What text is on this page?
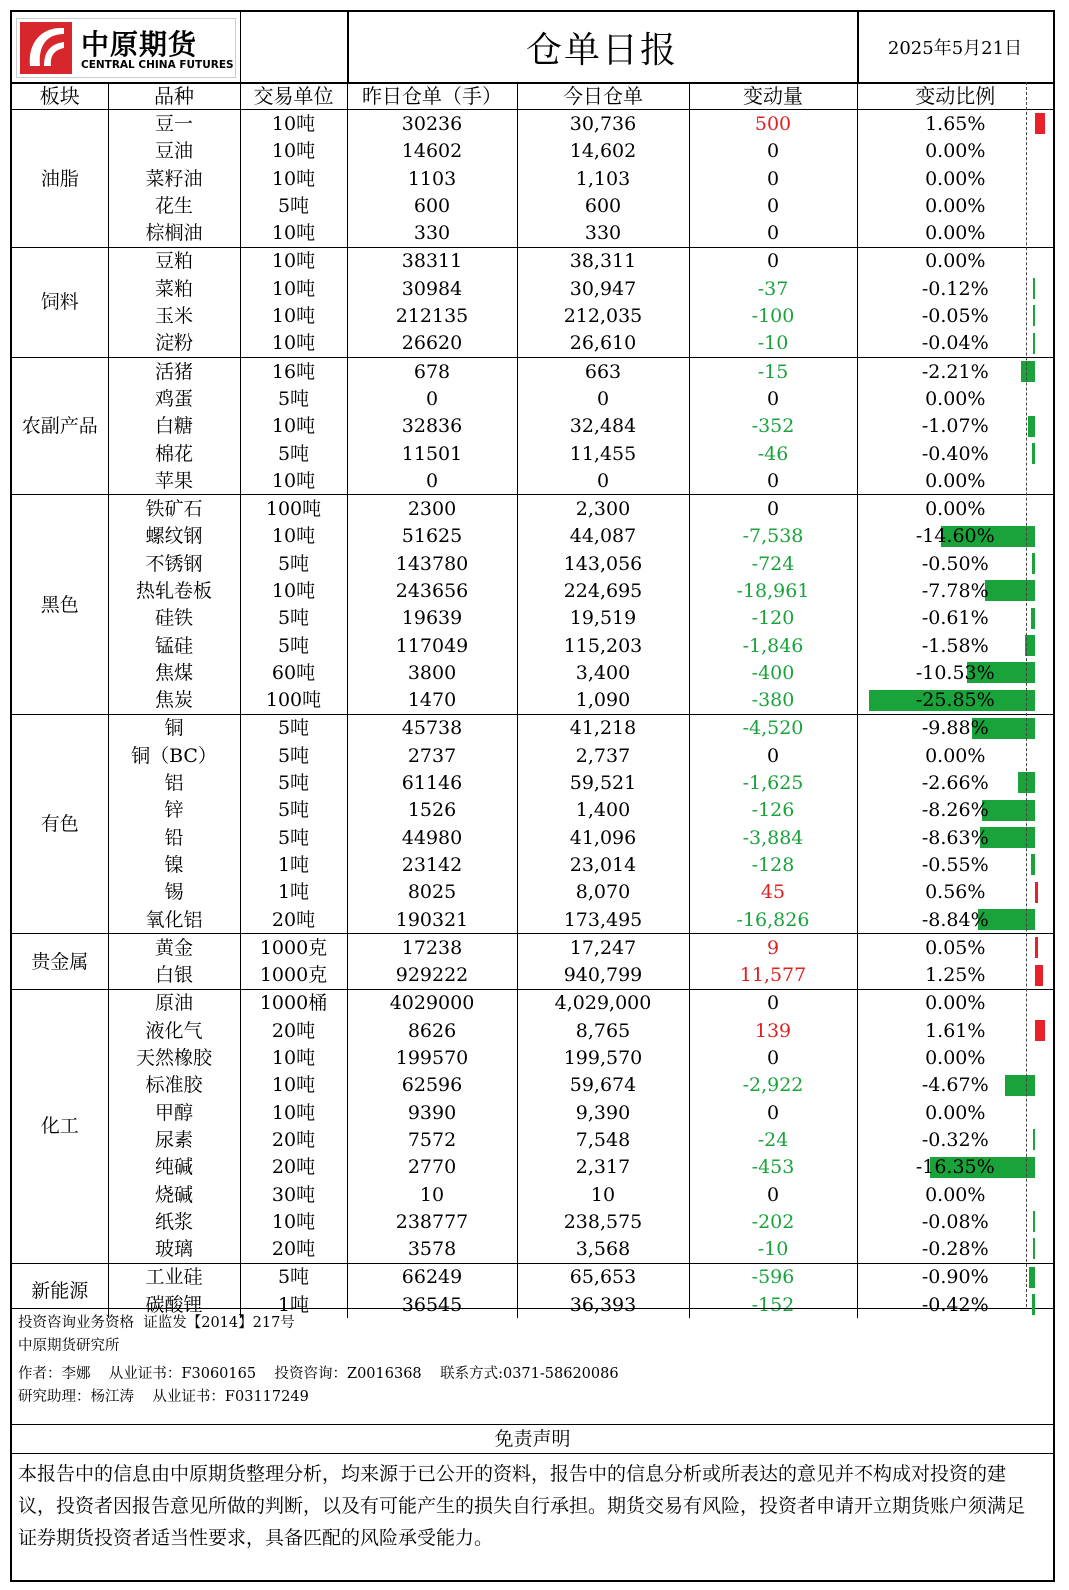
中原期货
CENTRAL CHINA FUTURES	仓单日报	2025年5月21日
板块	品种	交易单位	昨日仓单（手）	今日仓单	变动量	变动比例
油脂	豆一	10吨	30236	30,736	500	1.65%
	豆油	10吨	14602	14,602	0	0.00%
	菜籽油	10吨	1103	1,103	0	0.00%
	花生	5吨	600	600	0	0.00%
	棕榈油	10吨	330	330	0	0.00%
饲料	豆粕	10吨	38311	38,311	0	0.00%
	菜粕	10吨	30984	30,947	-37	-0.12%
	玉米	10吨	212135	212,035	-100	-0.05%
	淀粉	10吨	26620	26,610	-10	-0.04%
农副产品	活猪	16吨	678	663	-15	-2.21%
	鸡蛋	5吨	0	0	0	0.00%
	白糖	10吨	32836	32,484	-352	-1.07%
	棉花	5吨	11501	11,455	-46	-0.40%
	苹果	10吨	0	0	0	0.00%
黑色	铁矿石	100吨	2300	2,300	0	0.00%
	螺纹钢	10吨	51625	44,087	-7,538	-14.60%
	不锈钢	5吨	143780	143,056	-724	-0.50%
	热轧卷板	10吨	243656	224,695	-18,961	-7.78%
	硅铁	5吨	19639	19,519	-120	-0.61%
	锰硅	5吨	117049	115,203	-1,846	-1.58%
	焦煤	60吨	3800	3,400	-400	-10.53%
	焦炭	100吨	1470	1,090	-380	-25.85%
有色	铜	5吨	45738	41,218	-4,520	-9.88%
	铜（BC）	5吨	2737	2,737	0	0.00%
	铝	5吨	61146	59,521	-1,625	-2.66%
	锌	5吨	1526	1,400	-126	-8.26%
	铅	5吨	44980	41,096	-3,884	-8.63%
	镍	1吨	23142	23,014	-128	-0.55%
	锡	1吨	8025	8,070	45	0.56%
	氧化铝	20吨	190321	173,495	-16,826	-8.84%
贵金属	黄金	1000克	17238	17,247	9	0.05%
	白银	1000克	929222	940,799	11,577	1.25%
化工	原油	1000桶	4029000	4,029,000	0	0.00%
	液化气	20吨	8626	8,765	139	1.61%
	天然橡胶	10吨	199570	199,570	0	0.00%
	标准胶	10吨	62596	59,674	-2,922	-4.67%
	甲醇	10吨	9390	9,390	0	0.00%
	尿素	20吨	7572	7,548	-24	-0.32%
	纯碱	20吨	2770	2,317	-453	-16.35%
	烧碱	30吨	10	10	0	0.00%
	纸浆	10吨	238777	238,575	-202	-0.08%
	玻璃	20吨	3578	3,568	-10	-0.28%
新能源	工业硅	5吨	66249	65,653	-596	-0.90%
	碳酸锂	1吨	36545	36,393	-152	-0.42%
投资咨询业务资格  证监发【2014】217号
中原期货研究所
作者：李娜    从业证书：F3060165    投资咨询：Z0016368    联系方式:0371-58620086
研究助理：杨江涛    从业证书：F03117249
免责声明
本报告中的信息由中原期货整理分析，均来源于已公开的资料，报告中的信息分析或所表达的意见并不构成对投资的建议，投资者因报告意见所做的判断，以及有可能产生的损失自行承担。期货交易有风险，投资者申请开立期货账户须满足证券期货投资者适当性要求，具备匹配的风险承受能力。
